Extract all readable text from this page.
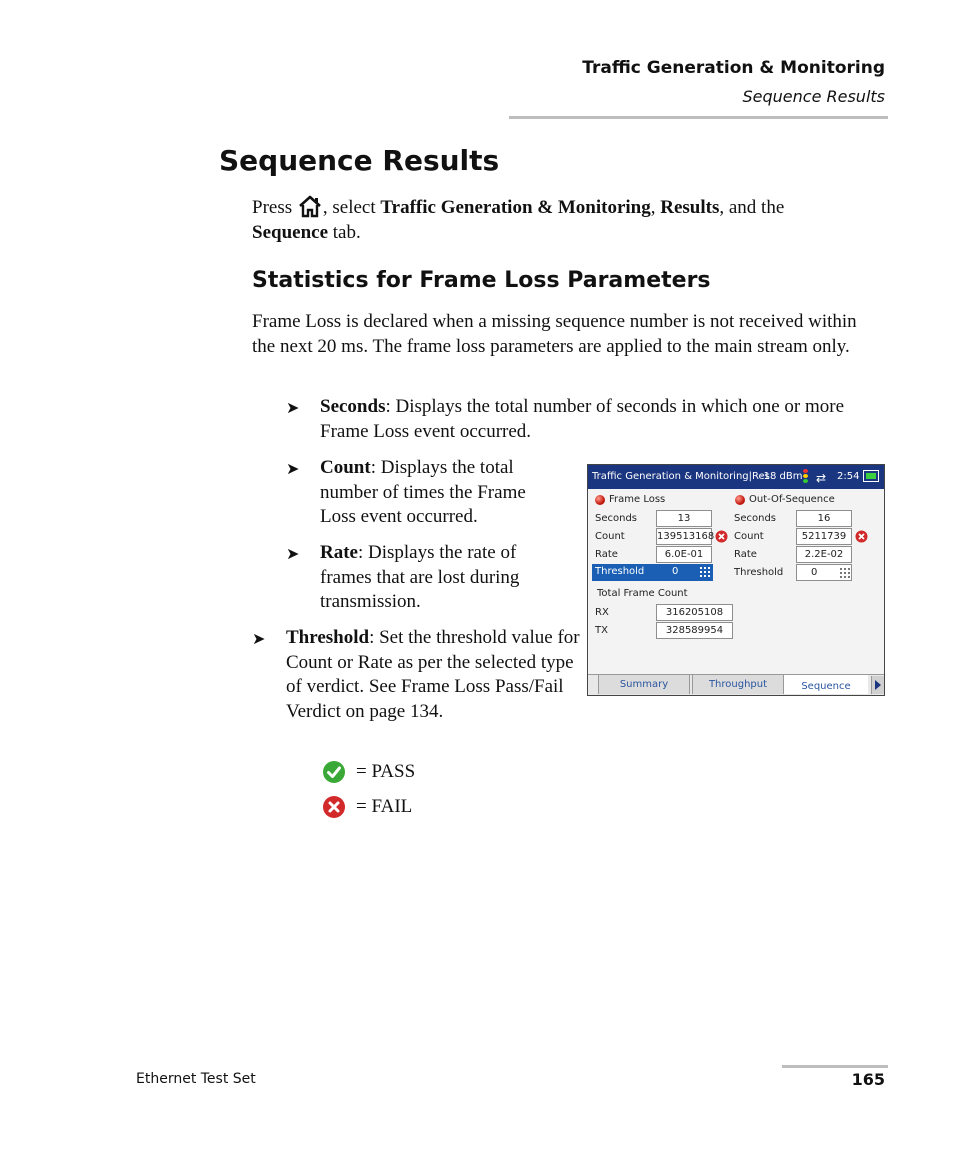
Traffic Generation & Monitoring
Sequence Results
Sequence Results

Press , select Traffic Generation & Monitoring, Results, and the Sequence tab.

Statistics for Frame Loss Parameters

Frame Loss is declared when a missing sequence number is not received within the next 20 ms. The frame loss parameters are applied to the main stream only.

➤	Seconds: Displays the total number of seconds in which one or more Frame Loss event occurred.
➤	Count: Displays the total number of times the Frame Loss event occurred.
➤	Rate: Displays the rate of frames that are lost during transmission.
➤	Threshold: Set the threshold value for Count or Rate as per the selected type of verdict. See Frame Loss Pass/Fail Verdict on page 134.
= PASS
= FAIL
Traffic Generation & Monitoring|Res
-18 dBm ⇄ 2:54
Frame Loss
Seconds	13
Count	139513168
Rate	6.0E-01
Threshold	0
Out-Of-Sequence
Seconds	16
Count	5211739
Rate	2.2E-02
Threshold	0
Total Frame Count
RX	316205108
TX	328589954
Summary	Throughput	Sequence
Ethernet Test Set	165
